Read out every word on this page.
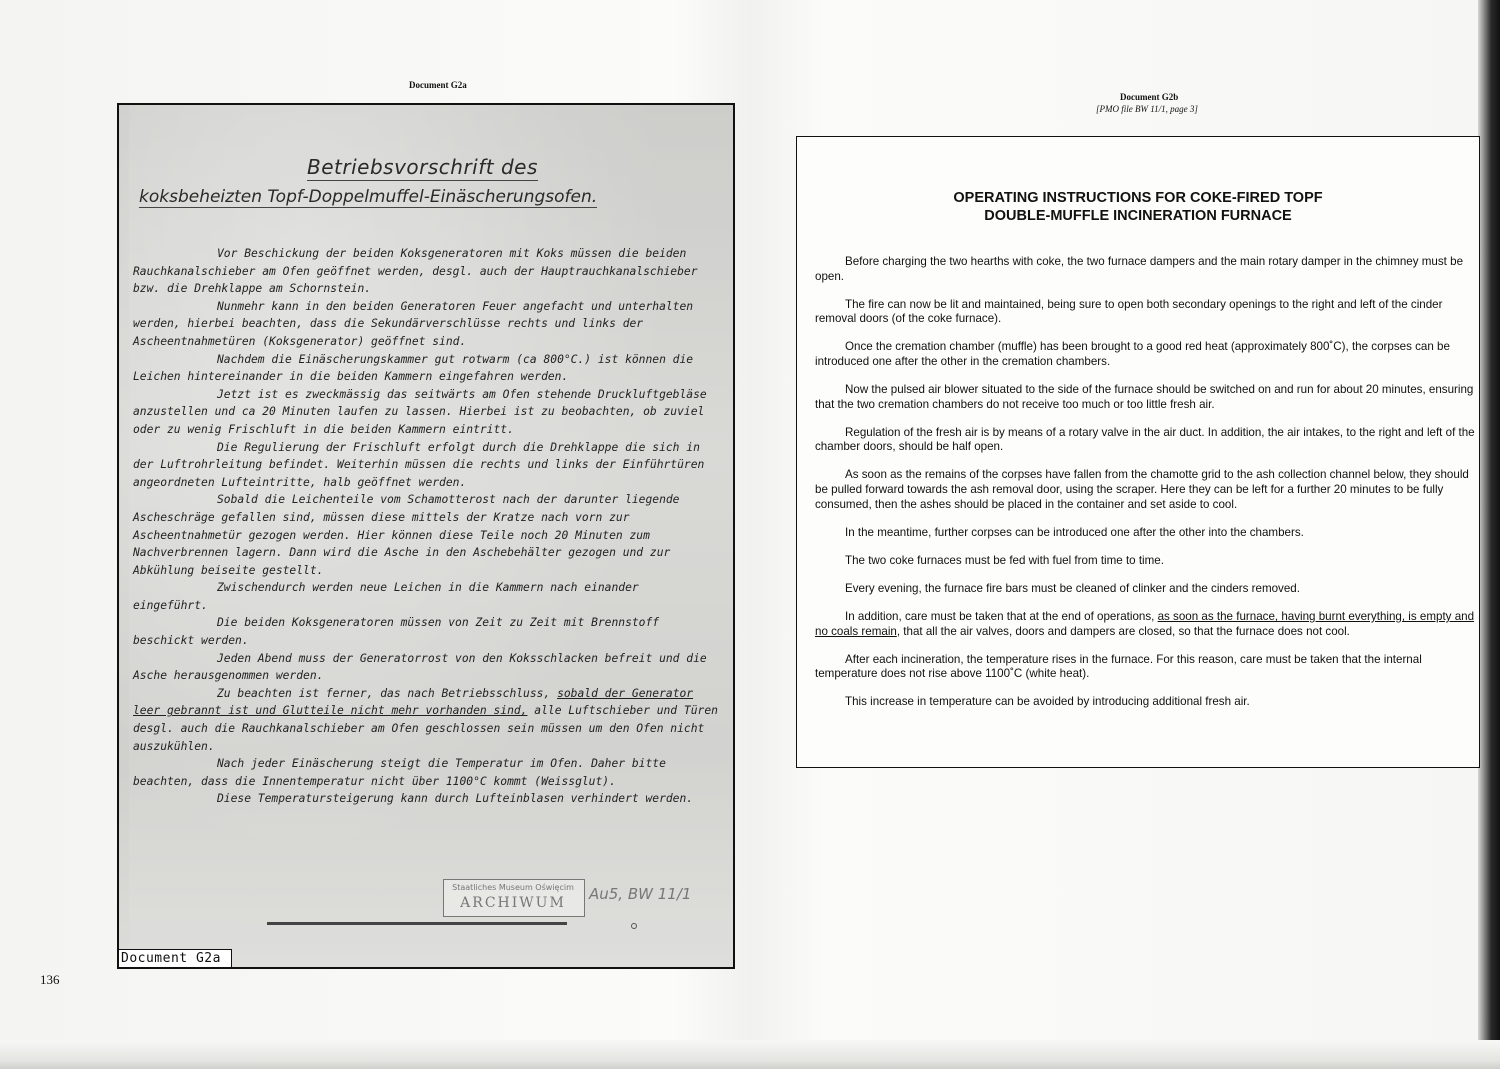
Document G2a
136
Betriebsvorschrift des
koksbeheizten Topf-Doppelmuffel-Einäscherungsofen.

Vor Beschickung der beiden Koksgeneratoren mit Koks müssen die beiden Rauchkanalschieber am Ofen geöffnet werden, desgl. auch der Hauptrauchkanalschieber bzw. die Drehklappe am Schornstein.

Nunmehr kann in den beiden Generatoren Feuer angefacht und unterhalten werden, hierbei beachten, dass die Sekundärverschlüsse rechts und links der Ascheentnahmetüren (Koksgenerator) geöffnet sind.

Nachdem die Einäscherungskammer gut rotwarm (ca 800°C.) ist können die Leichen hintereinander in die beiden Kammern eingefahren werden.

Jetzt ist es zweckmässig das seitwärts am Ofen stehende Druckluftgebläse anzustellen und ca 20 Minuten laufen zu lassen. Hierbei ist zu beobachten, ob zuviel oder zu wenig Frischluft in die beiden Kammern eintritt.

Die Regulierung der Frischluft erfolgt durch die Drehklappe die sich in der Luftrohrleitung befindet. Weiterhin müssen die rechts und links der Einführtüren angeordneten Lufteintritte, halb geöffnet werden.

Sobald die Leichenteile vom Schamotterost nach der darunter liegende Ascheschräge gefallen sind, müssen diese mittels der Kratze nach vorn zur Ascheentnahmetür gezogen werden. Hier können diese Teile noch 20 Minuten zum Nachverbrennen lagern. Dann wird die Asche in den Aschebehälter gezogen und zur Abkühlung beiseite gestellt.

Zwischendurch werden neue Leichen in die Kammern nach einander eingeführt.

Die beiden Koksgeneratoren müssen von Zeit zu Zeit mit Brennstoff beschickt werden.

Jeden Abend muss der Generatorrost von den Koksschlacken befreit und die Asche herausgenommen werden.

Zu beachten ist ferner, das nach Betriebsschluss, sobald der Generator leer gebrannt ist und Glutteile nicht mehr vorhanden sind, alle Luftschieber und Türen desgl. auch die Rauchkanalschieber am Ofen geschlossen sein müssen um den Ofen nicht auszukühlen.

Nach jeder Einäscherung steigt die Temperatur im Ofen. Daher bitte beachten, dass die Innentemperatur nicht über 1100°C kommt (Weissglut).

Diese Temperatursteigerung kann durch Lufteinblasen verhindert werden.

Staatliches Museum Oświęcim
ARCHIWUM	Au5, BW 11/1
Document G2a
Document G2b
[PMO file BW 11/1, page 3]
OPERATING INSTRUCTIONS FOR COKE-FIRED TOPF
DOUBLE-MUFFLE INCINERATION FURNACE

Before charging the two hearths with coke, the two furnace dampers and the main rotary damper in the chimney must be open.

The fire can now be lit and maintained, being sure to open both secondary openings to the right and left of the cinder removal doors (of the coke furnace).

Once the cremation chamber (muffle) has been brought to a good red heat (approximately 800˚C), the corpses can be introduced one after the other in the cremation chambers.

Now the pulsed air blower situated to the side of the furnace should be switched on and run for about 20 minutes, ensuring that the two cremation chambers do not receive too much or too little fresh air.

Regulation of the fresh air is by means of a rotary valve in the air duct. In addition, the air intakes, to the right and left of the chamber doors, should be half open.

As soon as the remains of the corpses have fallen from the chamotte grid to the ash collection channel below, they should be pulled forward towards the ash removal door, using the scraper. Here they can be left for a further 20 minutes to be fully consumed, then the ashes should be placed in the container and set aside to cool.

In the meantime, further corpses can be introduced one after the other into the chambers.

The two coke furnaces must be fed with fuel from time to time.

Every evening, the furnace fire bars must be cleaned of clinker and the cinders removed.

In addition, care must be taken that at the end of operations, as soon as the furnace, having burnt everything, is empty and no coals remain, that all the air valves, doors and dampers are closed, so that the furnace does not cool.

After each incineration, the temperature rises in the furnace. For this reason, care must be taken that the internal temperature does not rise above 1100˚C (white heat).

This increase in temperature can be avoided by introducing additional fresh air.
